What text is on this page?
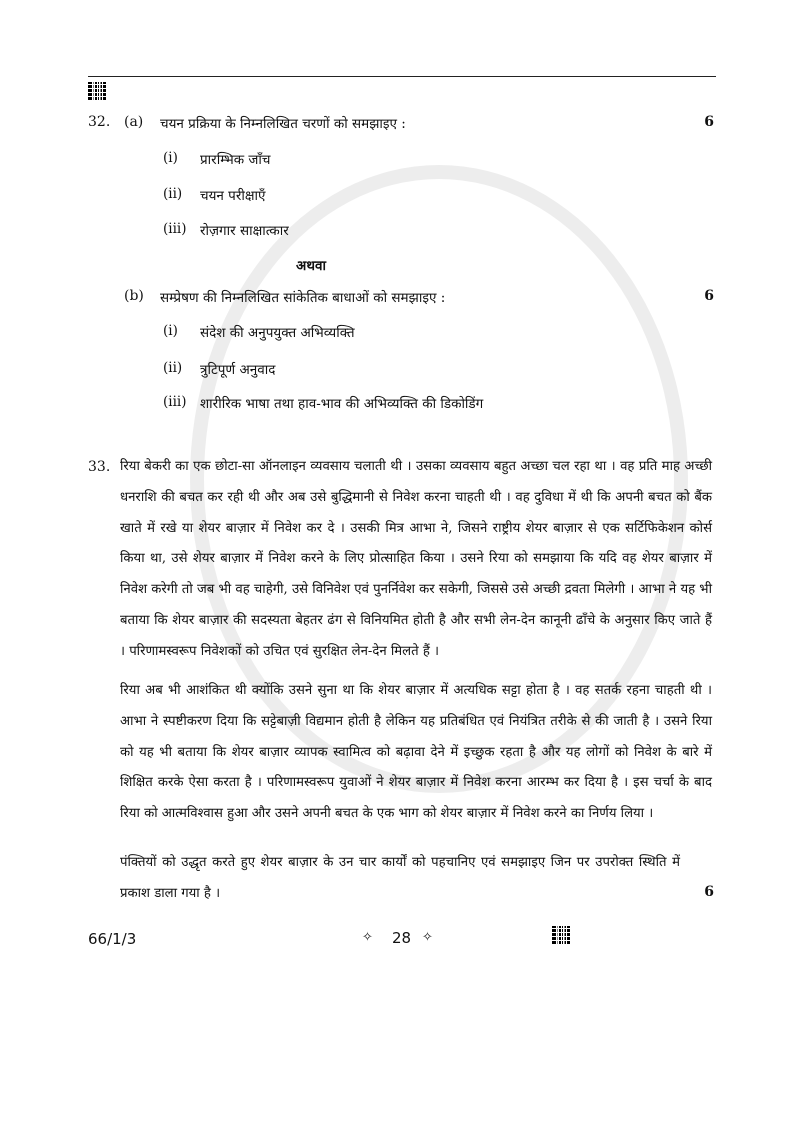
32. (a) चयन प्रक्रिया के निम्नलिखित चरणों को समझाइए :	6
(i) प्रारम्भिक जाँच
(ii) चयन परीक्षाएँ
(iii) रोज़गार साक्षात्कार
अथवा
(b) सम्प्रेषण की निम्नलिखित सांकेतिक बाधाओं को समझाइए :	6
(i) संदेश की अनुपयुक्त अभिव्यक्ति
(ii) त्रुटिपूर्ण अनुवाद
(iii) शारीरिक भाषा तथा हाव-भाव की अभिव्यक्ति की डिकोडिंग
33. रिया बेकरी का एक छोटा-सा ऑनलाइन व्यवसाय चलाती थी । उसका व्यवसाय बहुत अच्छा चल रहा था । वह प्रति माह अच्छी धनराशि की बचत कर रही थी और अब उसे बुद्धिमानी से निवेश करना चाहती थी । वह दुविधा में थी कि अपनी बचत को बैंक खाते में रखे या शेयर बाज़ार में निवेश कर दे । उसकी मित्र आभा ने, जिसने राष्ट्रीय शेयर बाज़ार से एक सर्टिफिकेशन कोर्स किया था, उसे शेयर बाज़ार में निवेश करने के लिए प्रोत्साहित किया । उसने रिया को समझाया कि यदि वह शेयर बाज़ार में निवेश करेगी तो जब भी वह चाहेगी, उसे विनिवेश एवं पुनर्निवेश कर सकेगी, जिससे उसे अच्छी द्रवता मिलेगी । आभा ने यह भी बताया कि शेयर बाज़ार की सदस्यता बेहतर ढंग से विनियमित होती है और सभी लेन-देन कानूनी ढाँचे के अनुसार किए जाते हैं । परिणामस्वरूप निवेशकों को उचित एवं सुरक्षित लेन-देन मिलते हैं ।
रिया अब भी आशंकित थी क्योंकि उसने सुना था कि शेयर बाज़ार में अत्यधिक सट्टा होता है । वह सतर्क रहना चाहती थी । आभा ने स्पष्टीकरण दिया कि सट्टेबाज़ी विद्यमान होती है लेकिन यह प्रतिबंधित एवं नियंत्रित तरीके से की जाती है । उसने रिया को यह भी बताया कि शेयर बाज़ार व्यापक स्वामित्व को बढ़ावा देने में इच्छुक रहता है और यह लोगों को निवेश के बारे में शिक्षित करके ऐसा करता है । परिणामस्वरूप युवाओं ने शेयर बाज़ार में निवेश करना आरम्भ कर दिया है । इस चर्चा के बाद रिया को आत्मविश्वास हुआ और उसने अपनी बचत के एक भाग को शेयर बाज़ार में निवेश करने का निर्णय लिया ।
पंक्तियों को उद्धृत करते हुए शेयर बाज़ार के उन चार कार्यों को पहचानिए एवं समझाइए जिन पर उपरोक्त स्थिति में प्रकाश डाला गया है ।	6
66/1/3	✧ 28 ✧
